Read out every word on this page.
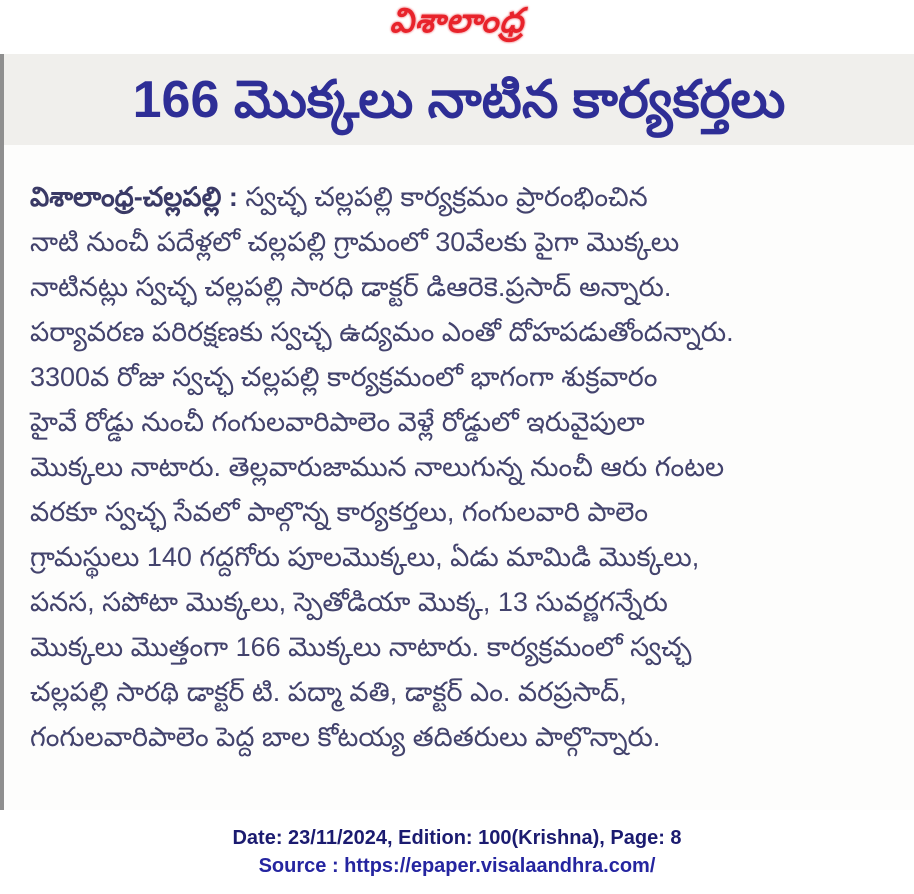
విశాలాంధ్ర
166 మొక్కలు నాటిన కార్యకర్తలు
విశాలాంధ్ర-చల్లపల్లి : స్వచ్ఛ చల్లపల్లి కార్యక్రమం ప్రారంభించిన
నాటి నుంచీ పదేళ్లలో చల్లపల్లి గ్రామంలో 30వేలకు పైగా మొక్కలు
నాటినట్లు స్వచ్ఛ చల్లపల్లి సారధి డాక్టర్ డిఆరెకె.ప్రసాద్ అన్నారు.
పర్యావరణ పరిరక్షణకు స్వచ్ఛ ఉద్యమం ఎంతో దోహపడుతోందన్నారు.
3300వ రోజు స్వచ్ఛ చల్లపల్లి కార్యక్రమంలో భాగంగా శుక్రవారం
హైవే రోడ్డు నుంచీ గంగులవారిపాలెం వెళ్లే రోడ్డులో ఇరువైపులా
మొక్కలు నాటారు. తెల్లవారుజామున నాలుగున్న నుంచీ ఆరు గంటల
వరకూ స్వచ్ఛ సేవలో పాల్గొన్న కార్యకర్తలు, గంగులవారి పాలెం
గ్రామస్థులు 140 గద్దగోరు పూలమొక్కలు, ఏడు మామిడి మొక్కలు,
పనస, సపోటా మొక్కలు, స్పెతోడియా మొక్క, 13 సువర్ణగన్నేరు
మొక్కలు మొత్తంగా 166 మొక్కలు నాటారు. కార్యక్రమంలో స్వచ్ఛ
చల్లపల్లి సారథి డాక్టర్ టి. పద్మా వతి, డాక్టర్ ఎం. వరప్రసాద్,
గంగులవారిపాలెం పెద్ద బాల కోటయ్య తదితరులు పాల్గొన్నారు.
Date: 23/11/2024, Edition: 100(Krishna), Page: 8
Source : https://epaper.visalaandhra.com/
